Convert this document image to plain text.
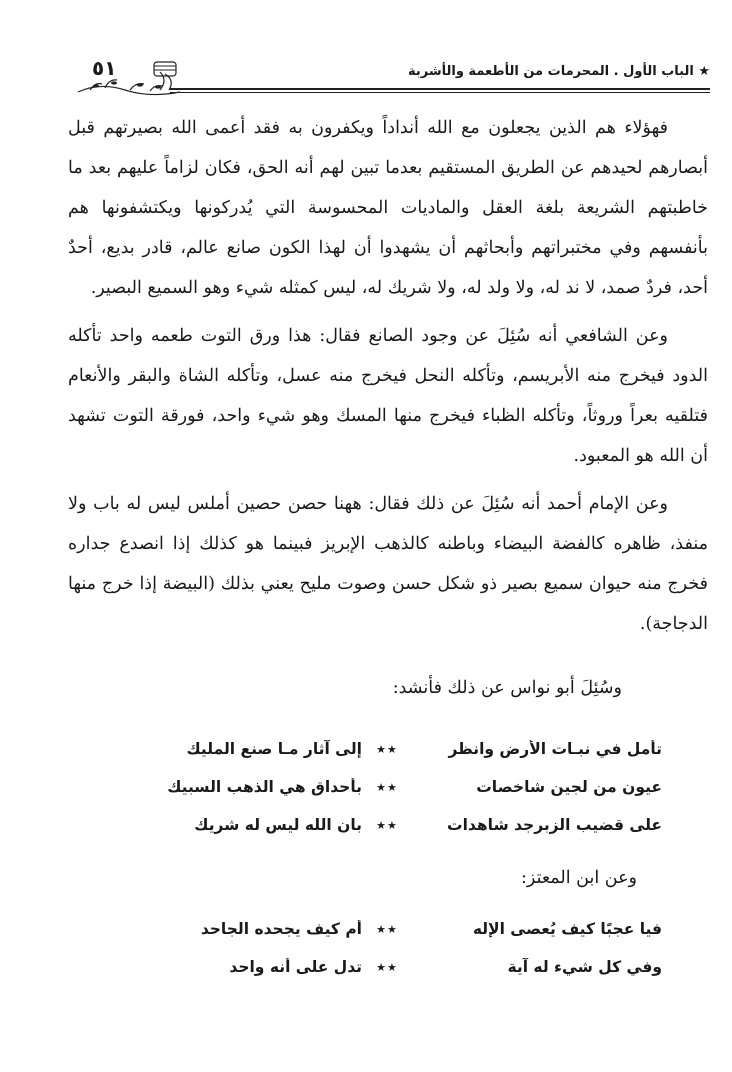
٥١	★ الباب الأول . المحرمات من الأطعمة والأشربة

فهؤلاء هم الذين يجعلون مع الله أنداداً ويكفرون به فقد أعمى الله بصيرتهم قبل أبصارهم لحيدهم عن الطريق المستقيم بعدما تبين لهم أنه الحق، فكان لزاماً عليهم بعد ما خاطبتهم الشريعة بلغة العقل والماديات المحسوسة التي يُدركونها ويكتشفونها هم بأنفسهم وفي مختبراتهم وأبحاثهم أن يشهدوا أن لهذا الكون صانع عالم، قادر بديع، أحدٌ أحد، فردٌ صمد، لا ند له، ولا ولد له، ولا شريك له، ليس كمثله شيء وهو السميع البصير.

وعن الشافعي أنه سُئِلَ عن وجود الصانع فقال: هذا ورق التوت طعمه واحد تأكله الدود فيخرج منه الأبريسم، وتأكله النحل فيخرج منه عسل، وتأكله الشاة والبقر والأنعام فتلقيه بعراً وروثاً، وتأكله الظباء فيخرج منها المسك وهو شيء واحد، فورقة التوت تشهد أن الله هو المعبود.

وعن الإمام أحمد أنه سُئِلَ عن ذلك فقال: ههنا حصن حصين أملس ليس له باب ولا منفذ، ظاهره كالفضة البيضاء وباطنه كالذهب الإبريز فبينما هو كذلك إذا انصدع جداره فخرج منه حيوان سميع بصير ذو شكل حسن وصوت مليح يعني بذلك (البيضة إذا خرج منها الدجاجة).

وسُئِلَ أبو نواس عن ذلك فأنشد:
تأمل في نبـات الأرض وانظر
★★
إلى آثار مـا صنع المليك
عيون من لجين شاخصات
★★
بأحداق هي الذهب السبيك
على قضيب الزبرجد شاهدات
★★
بان الله ليس له شريك
وعن ابن المعتز:
فيا عجبًا كيف يُعصى الإله
★★
أم كيف يجحده الجاحد
وفي كل شيء له آية
★★
تدل على أنه واحد
